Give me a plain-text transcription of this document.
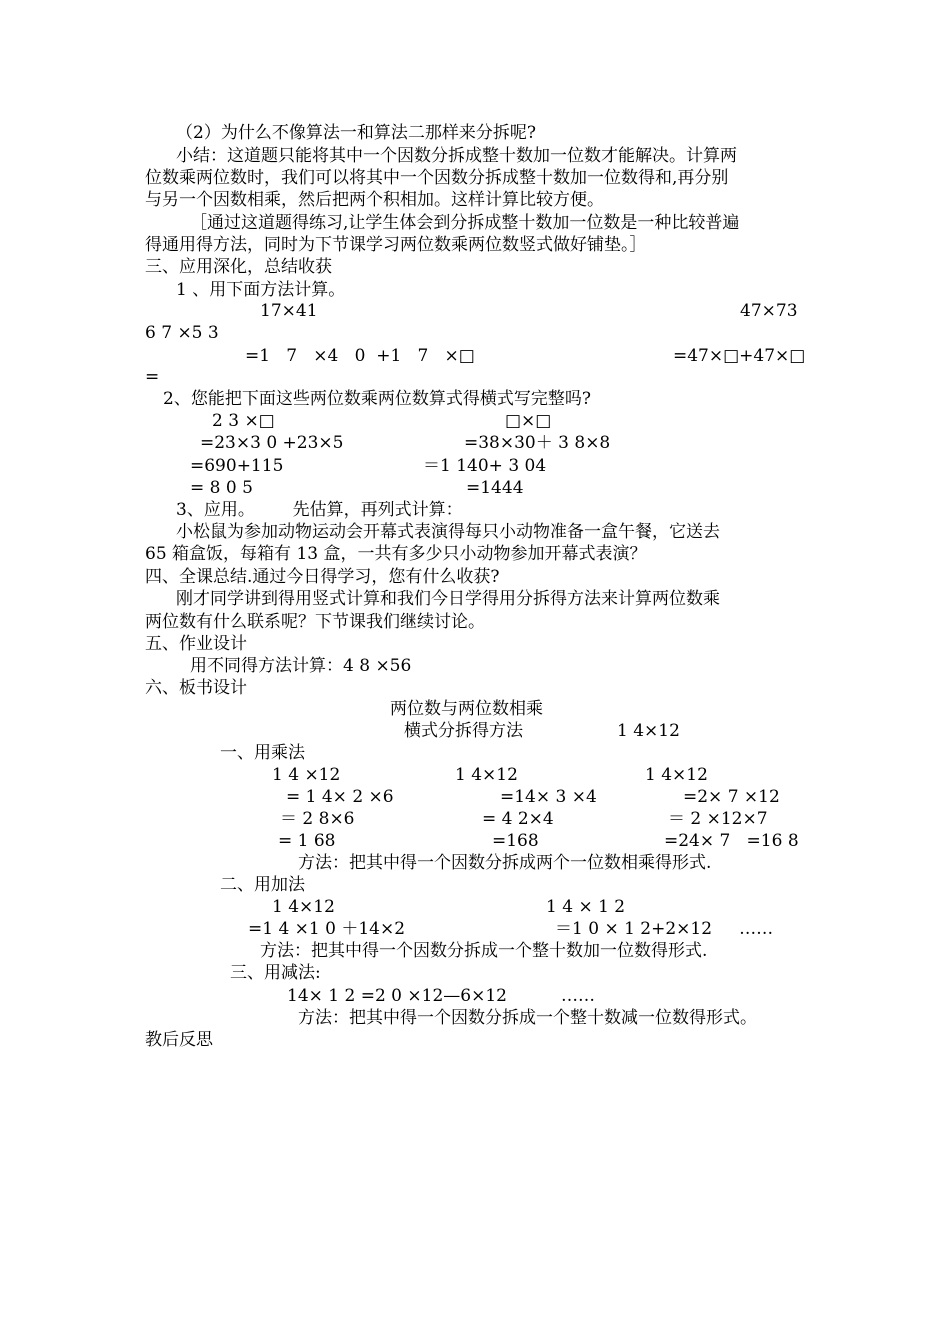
（2）为什么不像算法一和算法二那样来分拆呢?
小结：这道题只能将其中一个因数分拆成整十数加一位数才能解决。计算两
位数乘两位数时，我们可以将其中一个因数分拆成整十数加一位数得和,再分别
与另一个因数相乘，然后把两个积相加。这样计算比较方便。
［通过这道题得练习,让学生体会到分拆成整十数加一位数是一种比较普遍
得通用得方法，同时为下节课学习两位数乘两位数竖式做好铺垫。］
三、应用深化，总结收获
1 、用下面方法计算。
17×41	47×73
6 7 ×5 3
=1   7   ×4   0  +1   7   ×□	=47×□+47×□
=
2、您能把下面这些两位数乘两位数算式得横式写完整吗?
2 3 ×□	□×□
=23×3 0 +23×5	=38×30＋ 3 8×8
=690+115	＝1 140+ 3 04
= 8 0 5	=1444
3、应用。       先估算，再列式计算：
小松鼠为参加动物运动会开幕式表演得每只小动物准备一盒午餐，它送去
65 箱盒饭，每箱有 13 盒，一共有多少只小动物参加开幕式表演？
四、全课总结.通过今日得学习，您有什么收获?
刚才同学讲到得用竖式计算和我们今日学得用分拆得方法来计算两位数乘
两位数有什么联系呢？下节课我们继续讨论。
五、作业设计
用不同得方法计算：4 8 ×56
六、板书设计
两位数与两位数相乘
横式分拆得方法	1 4×12
一、用乘法
1 4 ×12	1 4×12	1 4×12
= 1 4× 2 ×6	=14× 3 ×4	=2× 7 ×12
＝ 2 8×6	= 4 2×4	＝ 2 ×12×7
= 1 68	=168	=24× 7   =16 8
方法：把其中得一个因数分拆成两个一位数相乘得形式.
二、用加法
1 4×12	1 4 × 1 2
=1 4 ×1 0 ＋14×2	＝1 0 × 1 2+2×12     ……
方法：把其中得一个因数分拆成一个整十数加一位数得形式.
三、用减法:
14× 1 2 =2 0 ×12—6×12          ……
方法：把其中得一个因数分拆成一个整十数减一位数得形式。
教后反思
